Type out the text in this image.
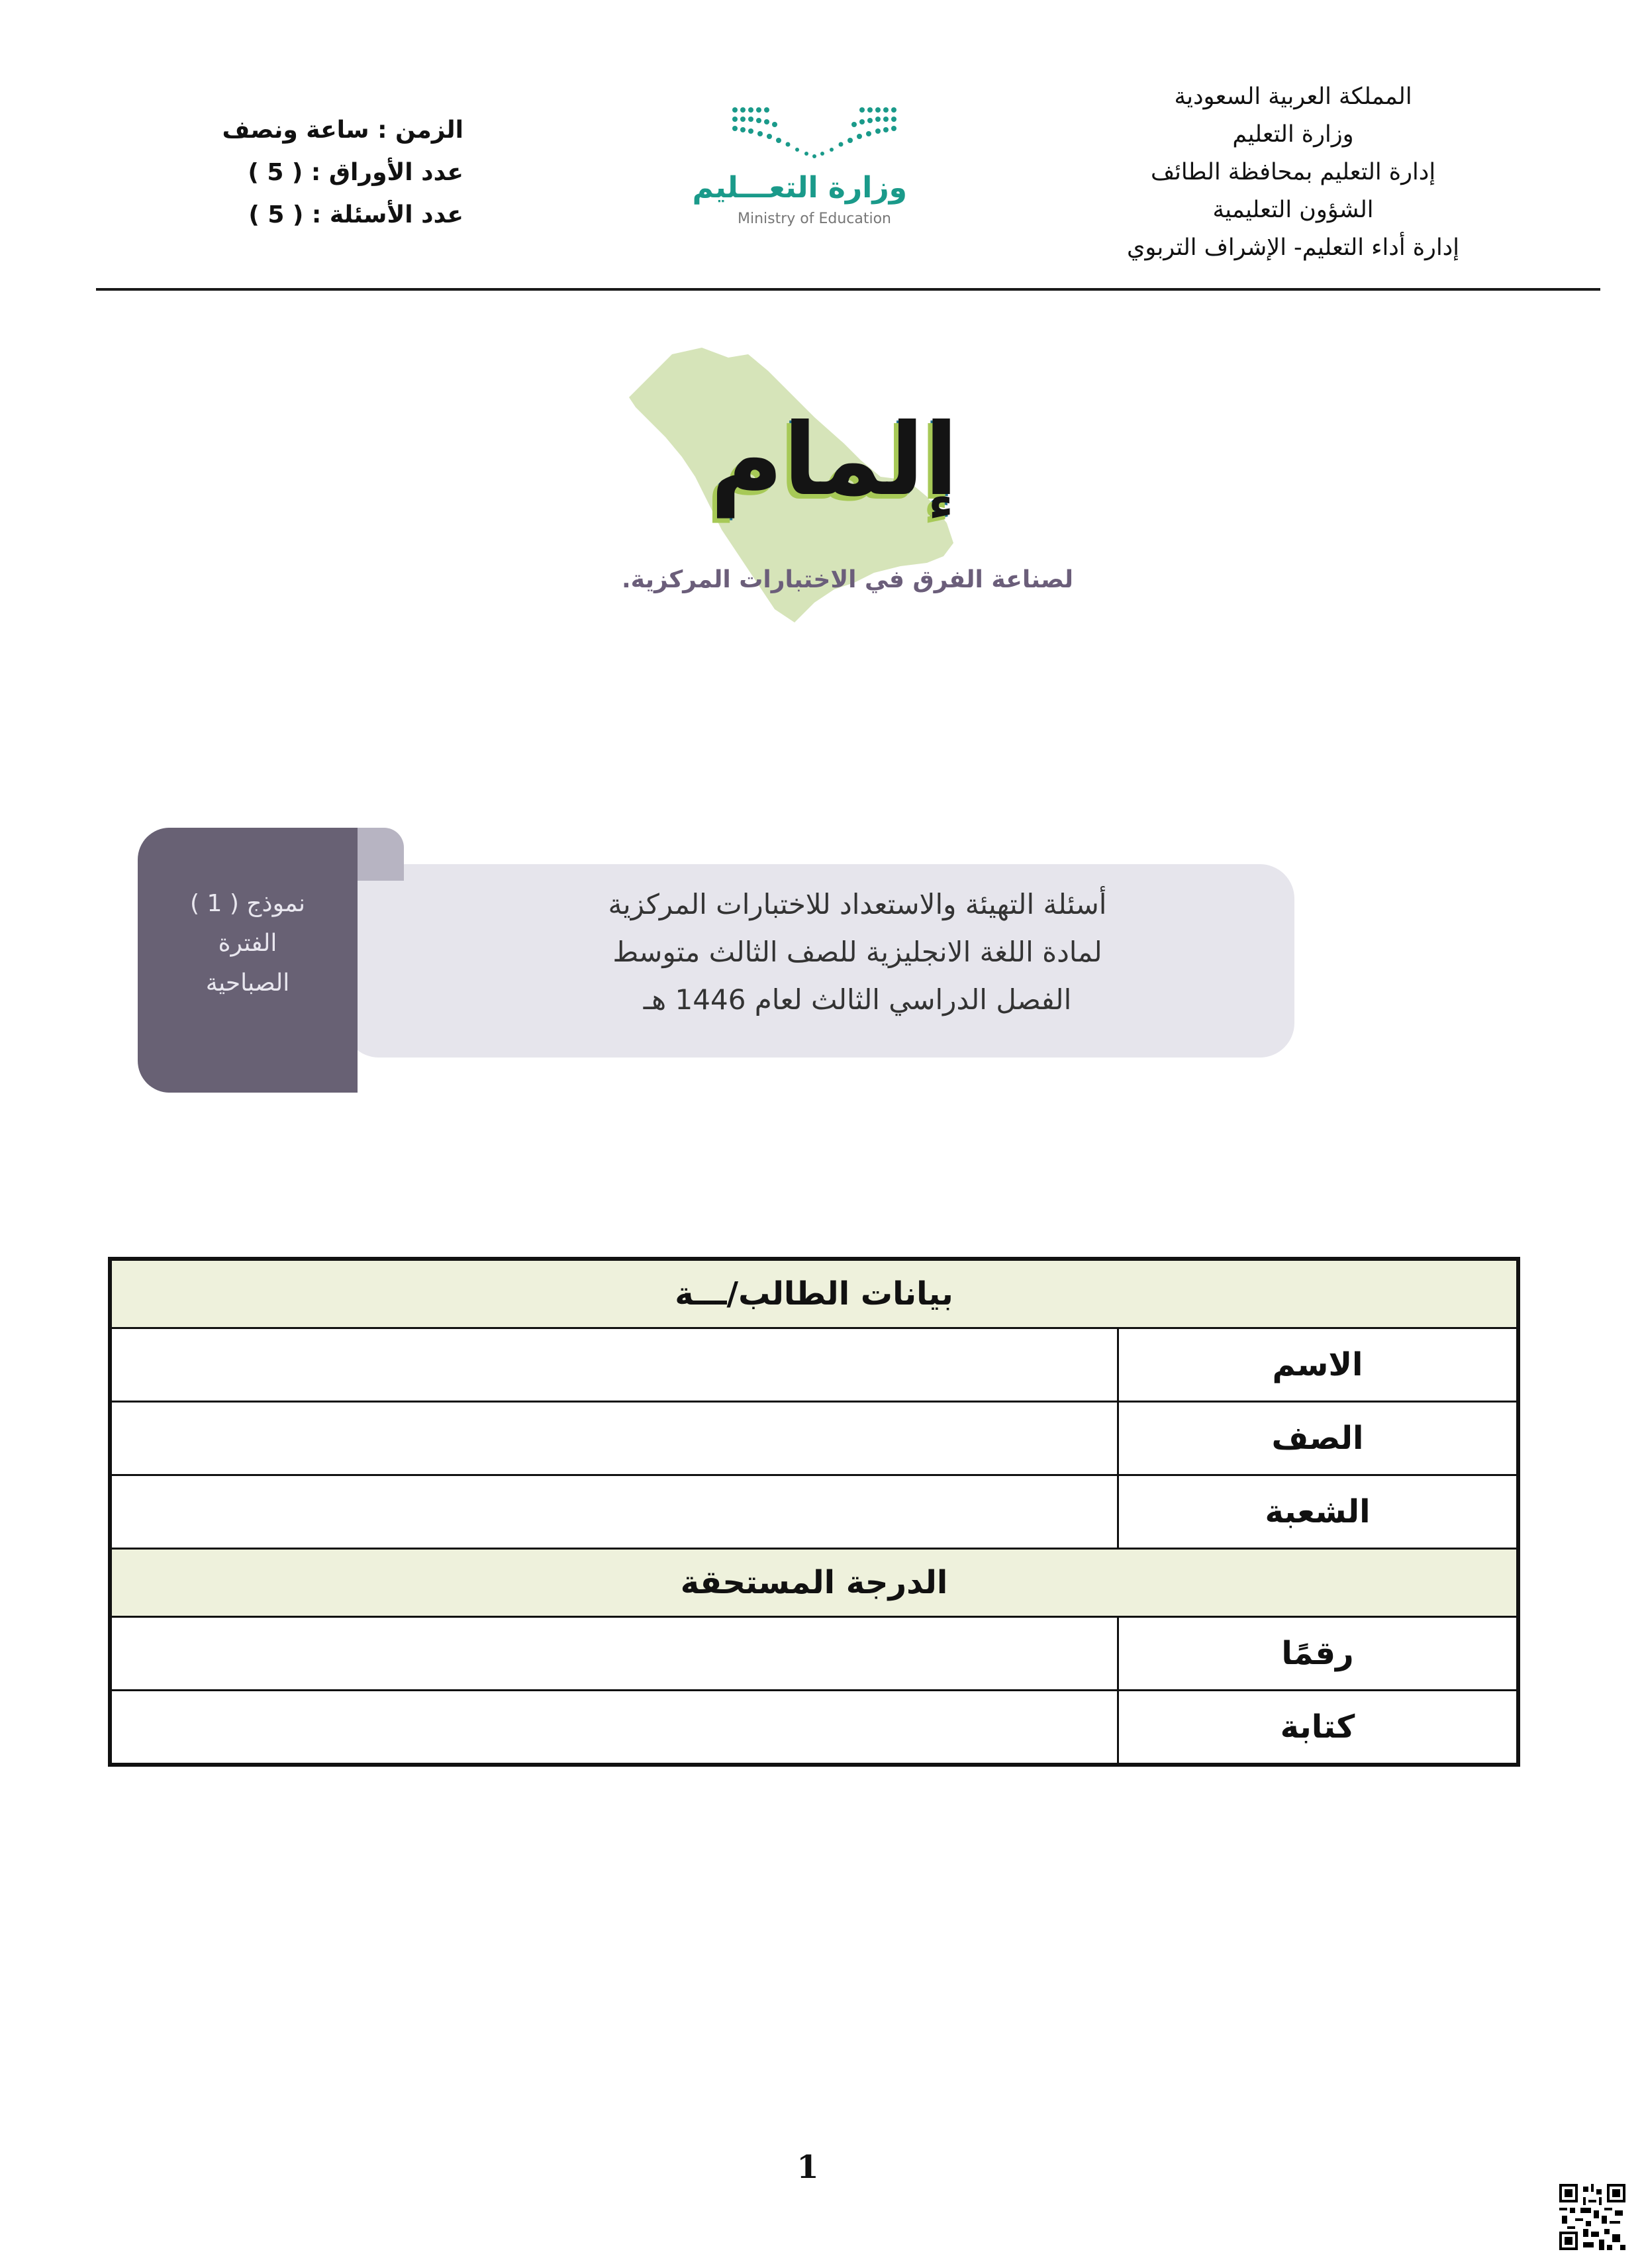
المملكة العربية السعودية
وزارة التعليم
إدارة التعليم بمحافظة الطائف
الشؤون التعليمية
إدارة أداء التعليم- الإشراف التربوي
وزارة التعـــليم
Ministry of Education
الزمن : ساعة ونصف
عدد الأوراق : ( 5 )
عدد الأسئلة : ( 5 )
إلمام
لصناعة الفرق في الاختبارات المركزية.
نموذج ( 1 )
الفترة
الصباحية
أسئلة التهيئة والاستعداد للاختبارات المركزية
لمادة اللغة الانجليزية للصف الثالث متوسط
الفصل الدراسي الثالث لعام 1446 هـ
بيانات الطالب/ـــة	
الاسم	
الصف	
الشعبة	
الدرجة المستحقة	
رقمًا	
كتابة	
1
